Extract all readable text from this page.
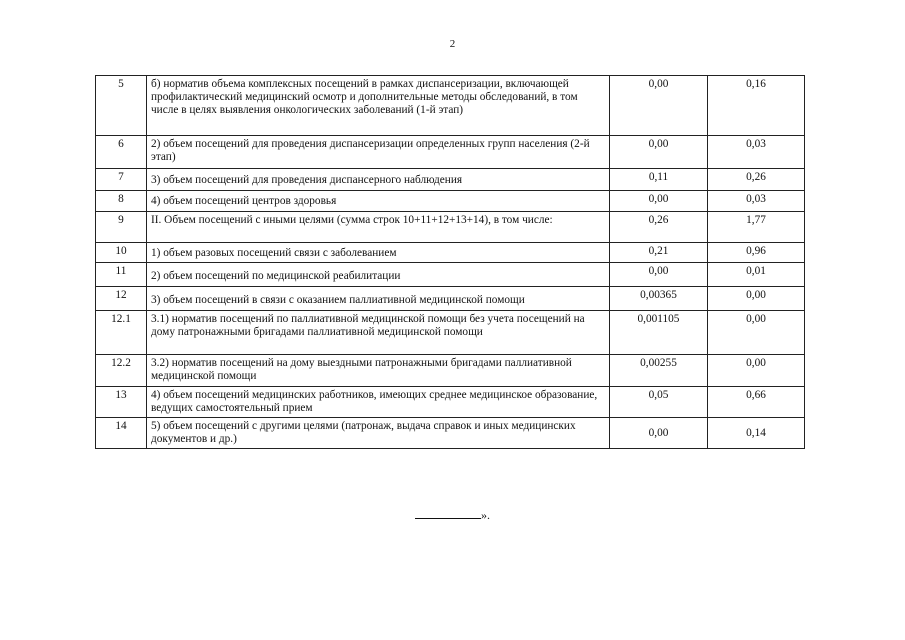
2
5	б) норматив объема комплексных посещений в рамках диспансеризации, включающей профилактический медицинский осмотр и дополнительные методы обследований, в том числе в целях выявления онкологических заболеваний (1-й этап)	0,00	0,16
6	2) объем посещений для проведения диспансеризации определенных групп населения (2-й этап)	0,00	0,03
7	3) объем посещений для проведения диспансерного наблюдения	0,11	0,26
8	4) объем посещений центров здоровья	0,00	0,03
9	II. Объем посещений с иными целями (сумма строк 10+11+12+13+14), в том числе:	0,26	1,77
10	1) объем разовых посещений связи с заболеванием	0,21	0,96
11	2) объем посещений по медицинской реабилитации	0,00	0,01
12	3) объем посещений в связи с оказанием паллиативной медицинской помощи	0,00365	0,00
12.1	3.1) норматив посещений по паллиативной медицинской помощи без учета посещений на дому патронажными бригадами паллиативной медицинской помощи	0,001105	0,00
12.2	3.2) норматив посещений на дому выездными патронажными бригадами паллиативной медицинской помощи	0,00255	0,00
13	4) объем посещений медицинских работников, имеющих среднее медицинское образование, ведущих самостоятельный прием	0,05	0,66
14	5) объем посещений с другими целями (патронаж, выдача справок и иных медицинских документов и др.)	0,00	0,14
».
